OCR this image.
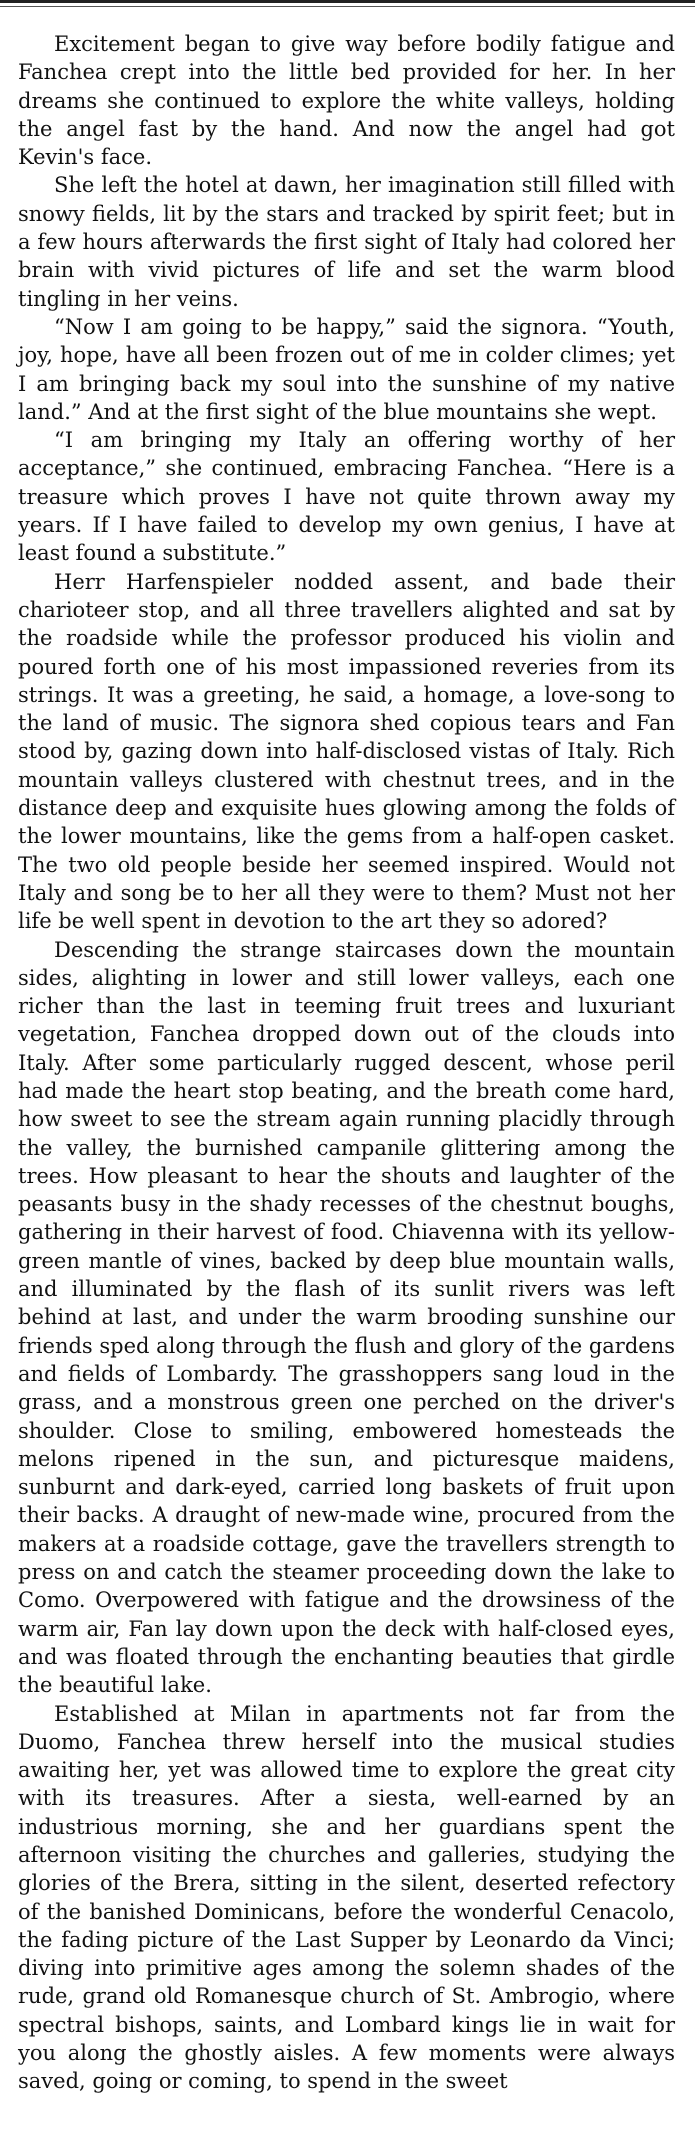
Excitement began to give way before bodily fatigue and Fanchea crept into the little bed provided for her. In her dreams she continued to explore the white valleys, holding the angel fast by the hand. And now the angel had got Kevin's face.

She left the hotel at dawn, her imagination still filled with snowy fields, lit by the stars and tracked by spirit feet; but in a few hours afterwards the first sight of Italy had colored her brain with vivid pictures of life and set the warm blood tingling in her veins.

“Now I am going to be happy,” said the signora. “Youth, joy, hope, have all been frozen out of me in colder climes; yet I am bringing back my soul into the sunshine of my native land.” And at the first sight of the blue mountains she wept.

“I am bringing my Italy an offering worthy of her acceptance,” she continued, embracing Fanchea. “Here is a treasure which proves I have not quite thrown away my years. If I have failed to develop my own genius, I have at least found a substitute.”

Herr Harfenspieler nodded assent, and bade their charioteer stop, and all three travellers alighted and sat by the roadside while the professor produced his violin and poured forth one of his most impassioned reveries from its strings. It was a greeting, he said, a homage, a love-song to the land of music. The signora shed copious tears and Fan stood by, gazing down into half-disclosed vistas of Italy. Rich mountain valleys clustered with chestnut trees, and in the distance deep and exquisite hues glowing among the folds of the lower mountains, like the gems from a half-open casket. The two old people beside her seemed inspired. Would not Italy and song be to her all they were to them? Must not her life be well spent in devotion to the art they so adored?

Descending the strange staircases down the mountain sides, alighting in lower and still lower valleys, each one richer than the last in teeming fruit trees and luxuriant vegetation, Fanchea dropped down out of the clouds into Italy. After some particularly rugged descent, whose peril had made the heart stop beating, and the breath come hard, how sweet to see the stream again running placidly through the valley, the burnished campanile glittering among the trees. How pleasant to hear the shouts and laughter of the peasants busy in the shady recesses of the chestnut boughs, gathering in their harvest of food. Chiavenna with its yellow-green mantle of vines, backed by deep blue mountain walls, and illuminated by the flash of its sunlit rivers was left behind at last, and under the warm brooding sunshine our friends sped along through the flush and glory of the gardens and fields of Lombardy. The grasshoppers sang loud in the grass, and a monstrous green one perched on the driver's shoulder. Close to smiling, embowered homesteads the melons ripened in the sun, and picturesque maidens, sunburnt and dark-eyed, carried long baskets of fruit upon their backs. A draught of new-made wine, procured from the makers at a roadside cottage, gave the travellers strength to press on and catch the steamer proceeding down the lake to Como. Overpowered with fatigue and the drowsiness of the warm air, Fan lay down upon the deck with half-closed eyes, and was floated through the enchanting beauties that girdle the beautiful lake.

Established at Milan in apartments not far from the Duomo, Fanchea threw herself into the musical studies awaiting her, yet was allowed time to explore the great city with its treasures. After a siesta, well-earned by an industrious morning, she and her guardians spent the afternoon visiting the churches and galleries, studying the glories of the Brera, sitting in the silent, deserted refectory of the banished Dominicans, before the wonderful Cenacolo, the fading picture of the Last Supper by Leonardo da Vinci; diving into primitive ages among the solemn shades of the rude, grand old Romanesque church of St. Ambrogio, where spectral bishops, saints, and Lombard kings lie in wait for you along the ghostly aisles. A few moments were always saved, going or coming, to spend in the sweet
